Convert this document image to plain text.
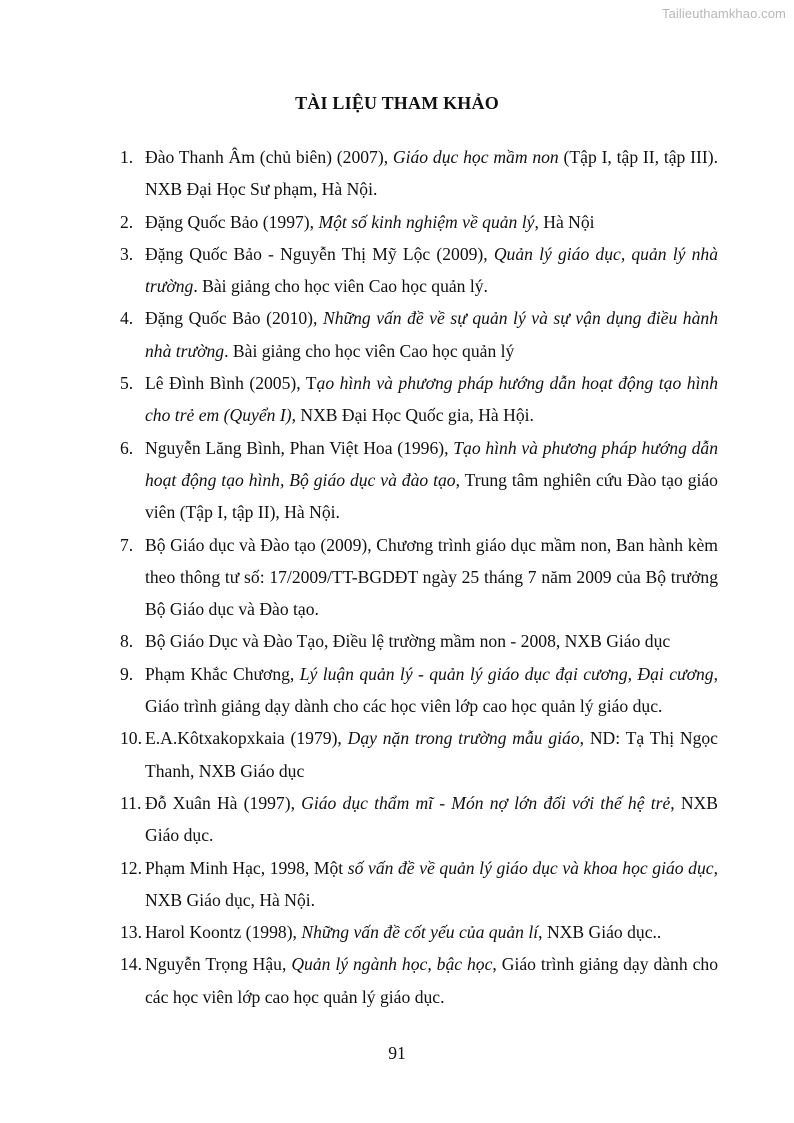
Tailieuthamkhao.com
TÀI LIỆU THAM KHẢO
1. Đào Thanh Âm (chủ biên) (2007), Giáo dục học mầm non (Tập I, tập II, tập III). NXB Đại Học Sư phạm, Hà Nội.
2. Đặng Quốc Bảo (1997), Một số kinh nghiệm về quản lý, Hà Nội
3. Đặng Quốc Bảo - Nguyễn Thị Mỹ Lộc (2009), Quản lý giáo dục, quản lý nhà trường. Bài giảng cho học viên Cao học quản lý.
4. Đặng Quốc Bảo (2010), Những vấn đề về sự quản lý và sự vận dụng điều hành nhà trường. Bài giảng cho học viên Cao học quản lý
5. Lê Đình Bình (2005), Tạo hình và phương pháp hướng dẫn hoạt động tạo hình cho trẻ em (Quyển I), NXB Đại Học Quốc gia, Hà Hội.
6. Nguyễn Lăng Bình, Phan Việt Hoa (1996), Tạo hình và phương pháp hướng dẫn hoạt động tạo hình, Bộ giáo dục và đào tạo, Trung tâm nghiên cứu Đào tạo giáo viên (Tập I, tập II), Hà Nội.
7. Bộ Giáo dục và Đào tạo (2009), Chương trình giáo dục mầm non, Ban hành kèm theo thông tư số: 17/2009/TT-BGDĐT ngày 25 tháng 7 năm 2009 của Bộ trưởng Bộ Giáo dục và Đào tạo.
8. Bộ Giáo Dục và Đào Tạo, Điều lệ trường mầm non - 2008, NXB Giáo dục
9. Phạm Khắc Chương, Lý luận quản lý - quản lý giáo dục đại cương, Đại cương, Giáo trình giảng dạy dành cho các học viên lớp cao học quản lý giáo dục.
10. E.A.Kôtxakopxkaia (1979), Dạy nặn trong trường mẫu giáo, ND: Tạ Thị Ngọc Thanh, NXB Giáo dục
11. Đỗ Xuân Hà (1997), Giáo dục thẩm mĩ - Món nợ lớn đối với thế hệ trẻ, NXB Giáo dục.
12. Phạm Minh Hạc, 1998, Một số vấn đề về quản lý giáo dục và khoa học giáo dục, NXB Giáo dục, Hà Nội.
13. Harol Koontz (1998), Những vấn đề cốt yếu của quản lí, NXB Giáo dục..
14. Nguyễn Trọng Hậu, Quản lý ngành học, bậc học, Giáo trình giảng dạy dành cho các học viên lớp cao học quản lý giáo dục.
91
